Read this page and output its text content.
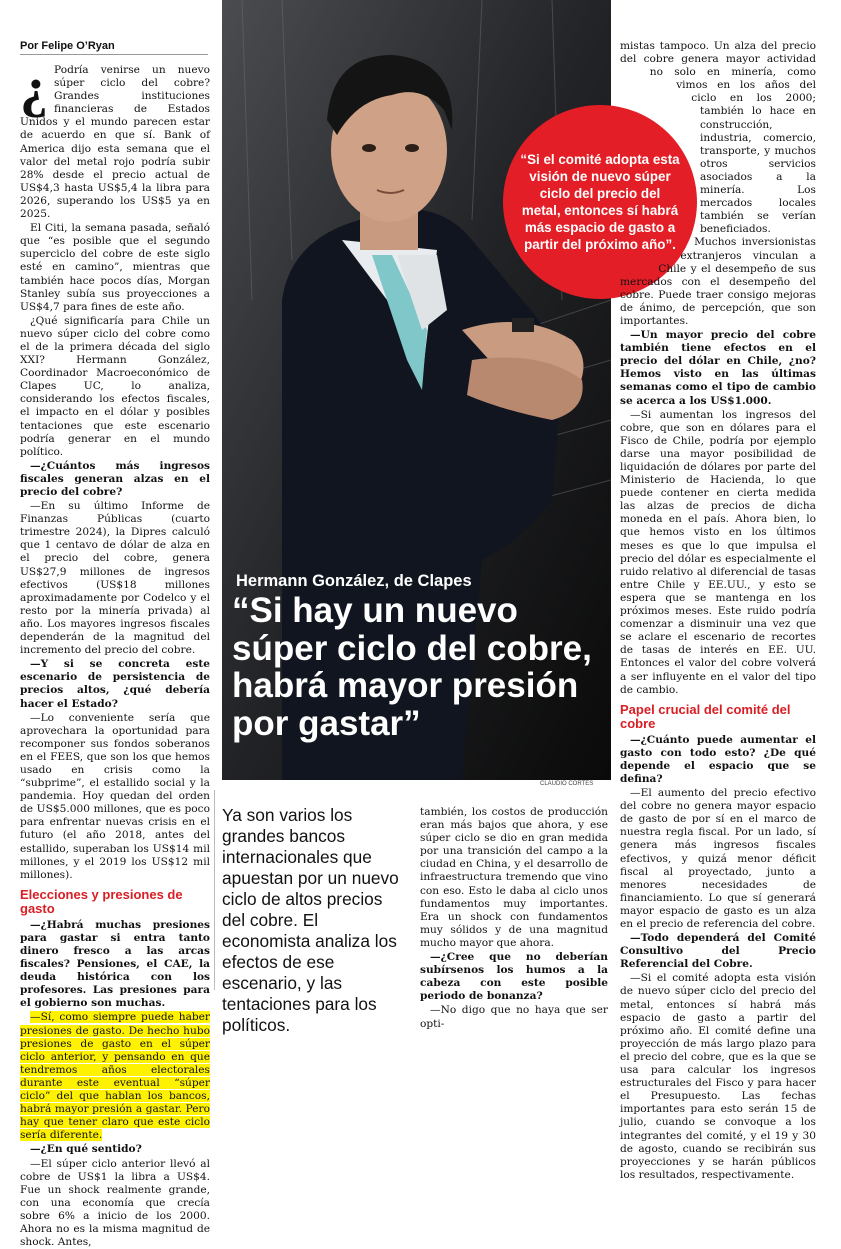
Por Felipe O’Ryan
¿ Podría venirse un nuevo súper ciclo del cobre? Grandes instituciones financieras de Estados Unidos y el mundo parecen estar de acuerdo en que sí. Bank of America dijo esta semana que el valor del metal rojo podría subir 28% desde el precio actual de US$4,3 hasta US$5,4 la libra para 2026, superando los US$5 ya en 2025.

El Citi, la semana pasada, señaló que “es posible que el segundo superciclo del cobre de este siglo esté en camino”, mientras que también hace pocos días, Morgan Stanley subía sus proyecciones a US$4,7 para fines de este año.

¿Qué significaría para Chile un nuevo súper ciclo del cobre como el de la primera década del siglo XXI? Hermann González, Coordinador Macroeconómico de Clapes UC, lo analiza, considerando los efectos fiscales, el impacto en el dólar y posibles tentaciones que este escenario podría generar en el mundo político.

—¿Cuántos más ingresos fiscales generan alzas en el precio del cobre?

—En su último Informe de Finanzas Públicas (cuarto trimestre 2024), la Dipres calculó que 1 centavo de dólar de alza en el precio del cobre, genera US$27,9 millones de ingresos efectivos (US$18 millones aproximadamente por Codelco y el resto por la minería privada) al año. Los mayores ingresos fiscales dependerán de la magnitud del incremento del precio del cobre.

—Y si se concreta este escenario de persistencia de precios altos, ¿qué debería hacer el Estado?

—Lo conveniente sería que aprovechara la oportunidad para recomponer sus fondos soberanos en el FEES, que son los que hemos usado en crisis como la “subprime”, el estallido social y la pandemia. Hoy quedan del orden de US$5.000 millones, que es poco para enfrentar nuevas crisis en el futuro (el año 2018, antes del estallido, superaban los US$14 mil millones, y el 2019 los US$12 mil millones).

Elecciones y presiones de gasto

—¿Habrá muchas presiones para gastar si entra tanto dinero fresco a las arcas fiscales? Pensiones, el CAE, la deuda histórica con los profesores. Las presiones para el gobierno son muchas.

—Sí, como siempre puede haber presiones de gasto. De hecho hubo presiones de gasto en el súper ciclo anterior, y pensando en que tendremos años electorales durante este eventual “súper ciclo” del que hablan los bancos, habrá mayor presión a gastar. Pero hay que tener claro que este ciclo sería diferente.

—¿En qué sentido?

—El súper ciclo anterior llevó al cobre de US$1 la libra a US$4. Fue un shock realmente grande, con una economía que crecía sobre 6% a inicio de los 2000. Ahora no es la misma magnitud de shock. Antes,

“Si el comité adopta esta visión de nuevo súper ciclo del precio del metal, entonces sí habrá más espacio de gasto a partir del próximo año”.
Hermann González, de Clapes
“Si hay un nuevo súper ciclo del cobre, habrá mayor presión por gastar”
CLAUDIO CORTES
Ya son varios los grandes bancos internacionales que apuestan por un nuevo ciclo de altos precios del cobre. El economista analiza los efectos de ese escenario, y las tentaciones para los políticos.

también, los costos de producción eran más bajos que ahora, y ese súper ciclo se dio en gran medida por una transición del campo a la ciudad en China, y el desarrollo de infraestructura tremendo que vino con eso. Esto le daba al ciclo unos fundamentos muy importantes. Era un shock con fundamentos muy sólidos y de una magnitud mucho mayor que ahora.

—¿Cree que no deberían subírsenos los humos a la cabeza con este posible periodo de bonanza?

—No digo que no haya que ser opti-

mistas tampoco. Un alza del precio del cobre genera mayor actividad no solo en minería, como vimos en los años del ciclo en los 2000; también lo hace en construcción, industria, comercio, transporte, y muchos otros servicios asociados a la minería. Los mercados locales también se verían beneficiados. Muchos inversionistas extranjeros vinculan a Chile y el desempeño de sus mercados con el desempeño del cobre. Puede traer consigo mejoras de ánimo, de percepción, que son importantes.

—Un mayor precio del cobre también tiene efectos en el precio del dólar en Chile, ¿no? Hemos visto en las últimas semanas como el tipo de cambio se acerca a los US$1.000.

—Si aumentan los ingresos del cobre, que son en dólares para el Fisco de Chile, podría por ejemplo darse una mayor posibilidad de liquidación de dólares por parte del Ministerio de Hacienda, lo que puede contener en cierta medida las alzas de precios de dicha moneda en el país. Ahora bien, lo que hemos visto en los últimos meses es que lo que impulsa el precio del dólar es especialmente el ruido relativo al diferencial de tasas entre Chile y EE.UU., y esto se espera que se mantenga en los próximos meses. Este ruido podría comenzar a disminuir una vez que se aclare el escenario de recortes de tasas de interés en EE. UU. Entonces el valor del cobre volverá a ser influyente en el valor del tipo de cambio.

Papel crucial del comité del cobre

—¿Cuánto puede aumentar el gasto con todo esto? ¿De qué depende el espacio que se defina?

—El aumento del precio efectivo del cobre no genera mayor espacio de gasto de por sí en el marco de nuestra regla fiscal. Por un lado, sí genera más ingresos fiscales efectivos, y quizá menor déficit fiscal al proyectado, junto a menores necesidades de financiamiento. Lo que sí generará mayor espacio de gasto es un alza en el precio de referencia del cobre.

—Todo dependerá del Comité Consultivo del Precio Referencial del Cobre.

—Si el comité adopta esta visión de nuevo súper ciclo del precio del metal, entonces sí habrá más espacio de gasto a partir del próximo año. El comité define una proyección de más largo plazo para el precio del cobre, que es la que se usa para calcular los ingresos estructurales del Fisco y para hacer el Presupuesto. Las fechas importantes para esto serán 15 de julio, cuando se convoque a los integrantes del comité, y el 19 y 30 de agosto, cuando se recibirán sus proyecciones y se harán públicos los resultados, respectivamente.
